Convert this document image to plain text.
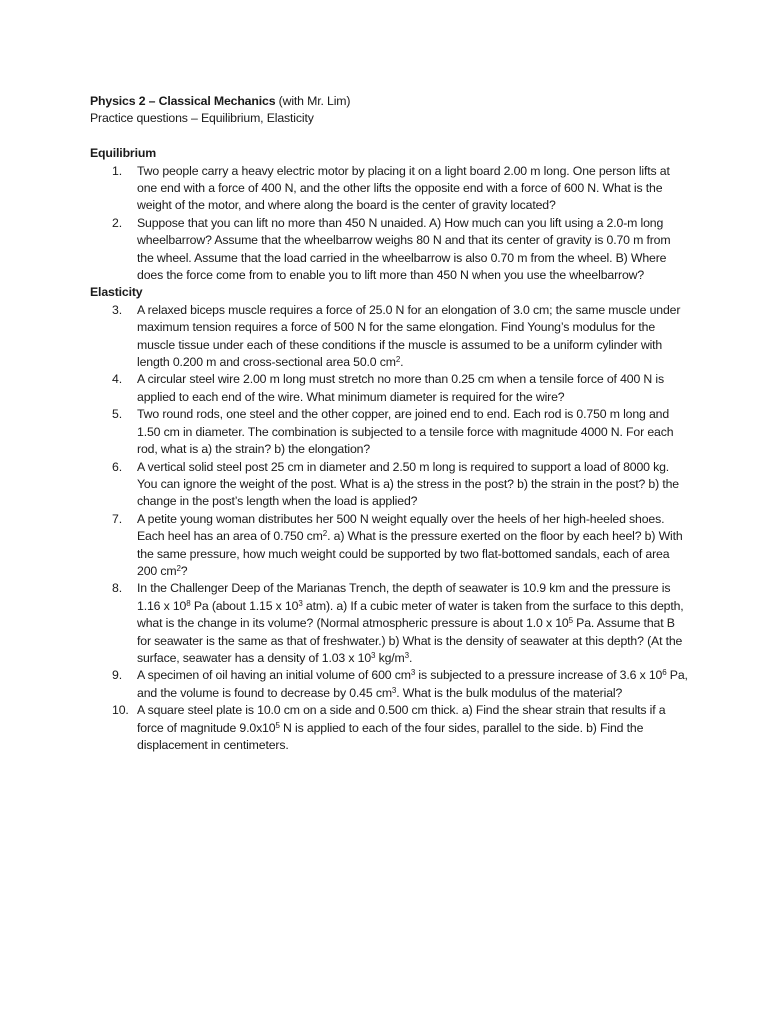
Physics 2 – Classical Mechanics (with Mr. Lim)

Practice questions – Equilibrium, Elasticity

Equilibrium

1.	Two people carry a heavy electric motor by placing it on a light board 2.00 m long. One person lifts at one end with a force of 400 N, and the other lifts the opposite end with a force of 600 N. What is the weight of the motor, and where along the board is the center of gravity located?
2.	Suppose that you can lift no more than 450 N unaided. A) How much can you lift using a 2.0-m long wheelbarrow? Assume that the wheelbarrow weighs 80 N and that its center of gravity is 0.70 m from the wheel. Assume that the load carried in the wheelbarrow is also 0.70 m from the wheel. B) Where does the force come from to enable you to lift more than 450 N when you use the wheelbarrow?

Elasticity

3.	A relaxed biceps muscle requires a force of 25.0 N for an elongation of 3.0 cm; the same muscle under maximum tension requires a force of 500 N for the same elongation. Find Young’s modulus for the muscle tissue under each of these conditions if the muscle is assumed to be a uniform cylinder with length 0.200 m and cross-sectional area 50.0 $cm^2$.
4.	A circular steel wire 2.00 m long must stretch no more than 0.25 cm when a tensile force of 400 N is applied to each end of the wire. What minimum diameter is required for the wire?
5.	Two round rods, one steel and the other copper, are joined end to end. Each rod is 0.750 m long and 1.50 cm in diameter. The combination is subjected to a tensile force with magnitude 4000 N. For each rod, what is a) the strain? b) the elongation?
6.	A vertical solid steel post 25 cm in diameter and 2.50 m long is required to support a load of 8000 kg. You can ignore the weight of the post. What is a) the stress in the post? b) the strain in the post? b) the change in the post’s length when the load is applied?
7.	A petite young woman distributes her 500 N weight equally over the heels of her high-heeled shoes. Each heel has an area of 0.750 $cm^2$. a) What is the pressure exerted on the floor by each heel? b) With the same pressure, how much weight could be supported by two flat-bottomed sandals, each of area 200 $cm^2$?
8.	In the Challenger Deep of the Marianas Trench, the depth of seawater is 10.9 km and the pressure is 1.16 x $10^8$ Pa (about 1.15 x $10^3$ atm). a) If a cubic meter of water is taken from the surface to this depth, what is the change in its volume? (Normal atmospheric pressure is about 1.0 x $10^5$ Pa. Assume that B for seawater is the same as that of freshwater.) b) What is the density of seawater at this depth? (At the surface, seawater has a density of 1.03 x $10^3$ $kg/m^3$.
9.	A specimen of oil having an initial volume of 600 $cm^3$ is subjected to a pressure increase of 3.6 x $10^6$ Pa, and the volume is found to decrease by 0.45 $cm^3$. What is the bulk modulus of the material?
10. A square steel plate is 10.0 cm on a side and 0.500 cm thick. a) Find the shear strain that results if a force of magnitude $9.0x10^5$ N is applied to each of the four sides, parallel to the side. b) Find the displacement in centimeters.
